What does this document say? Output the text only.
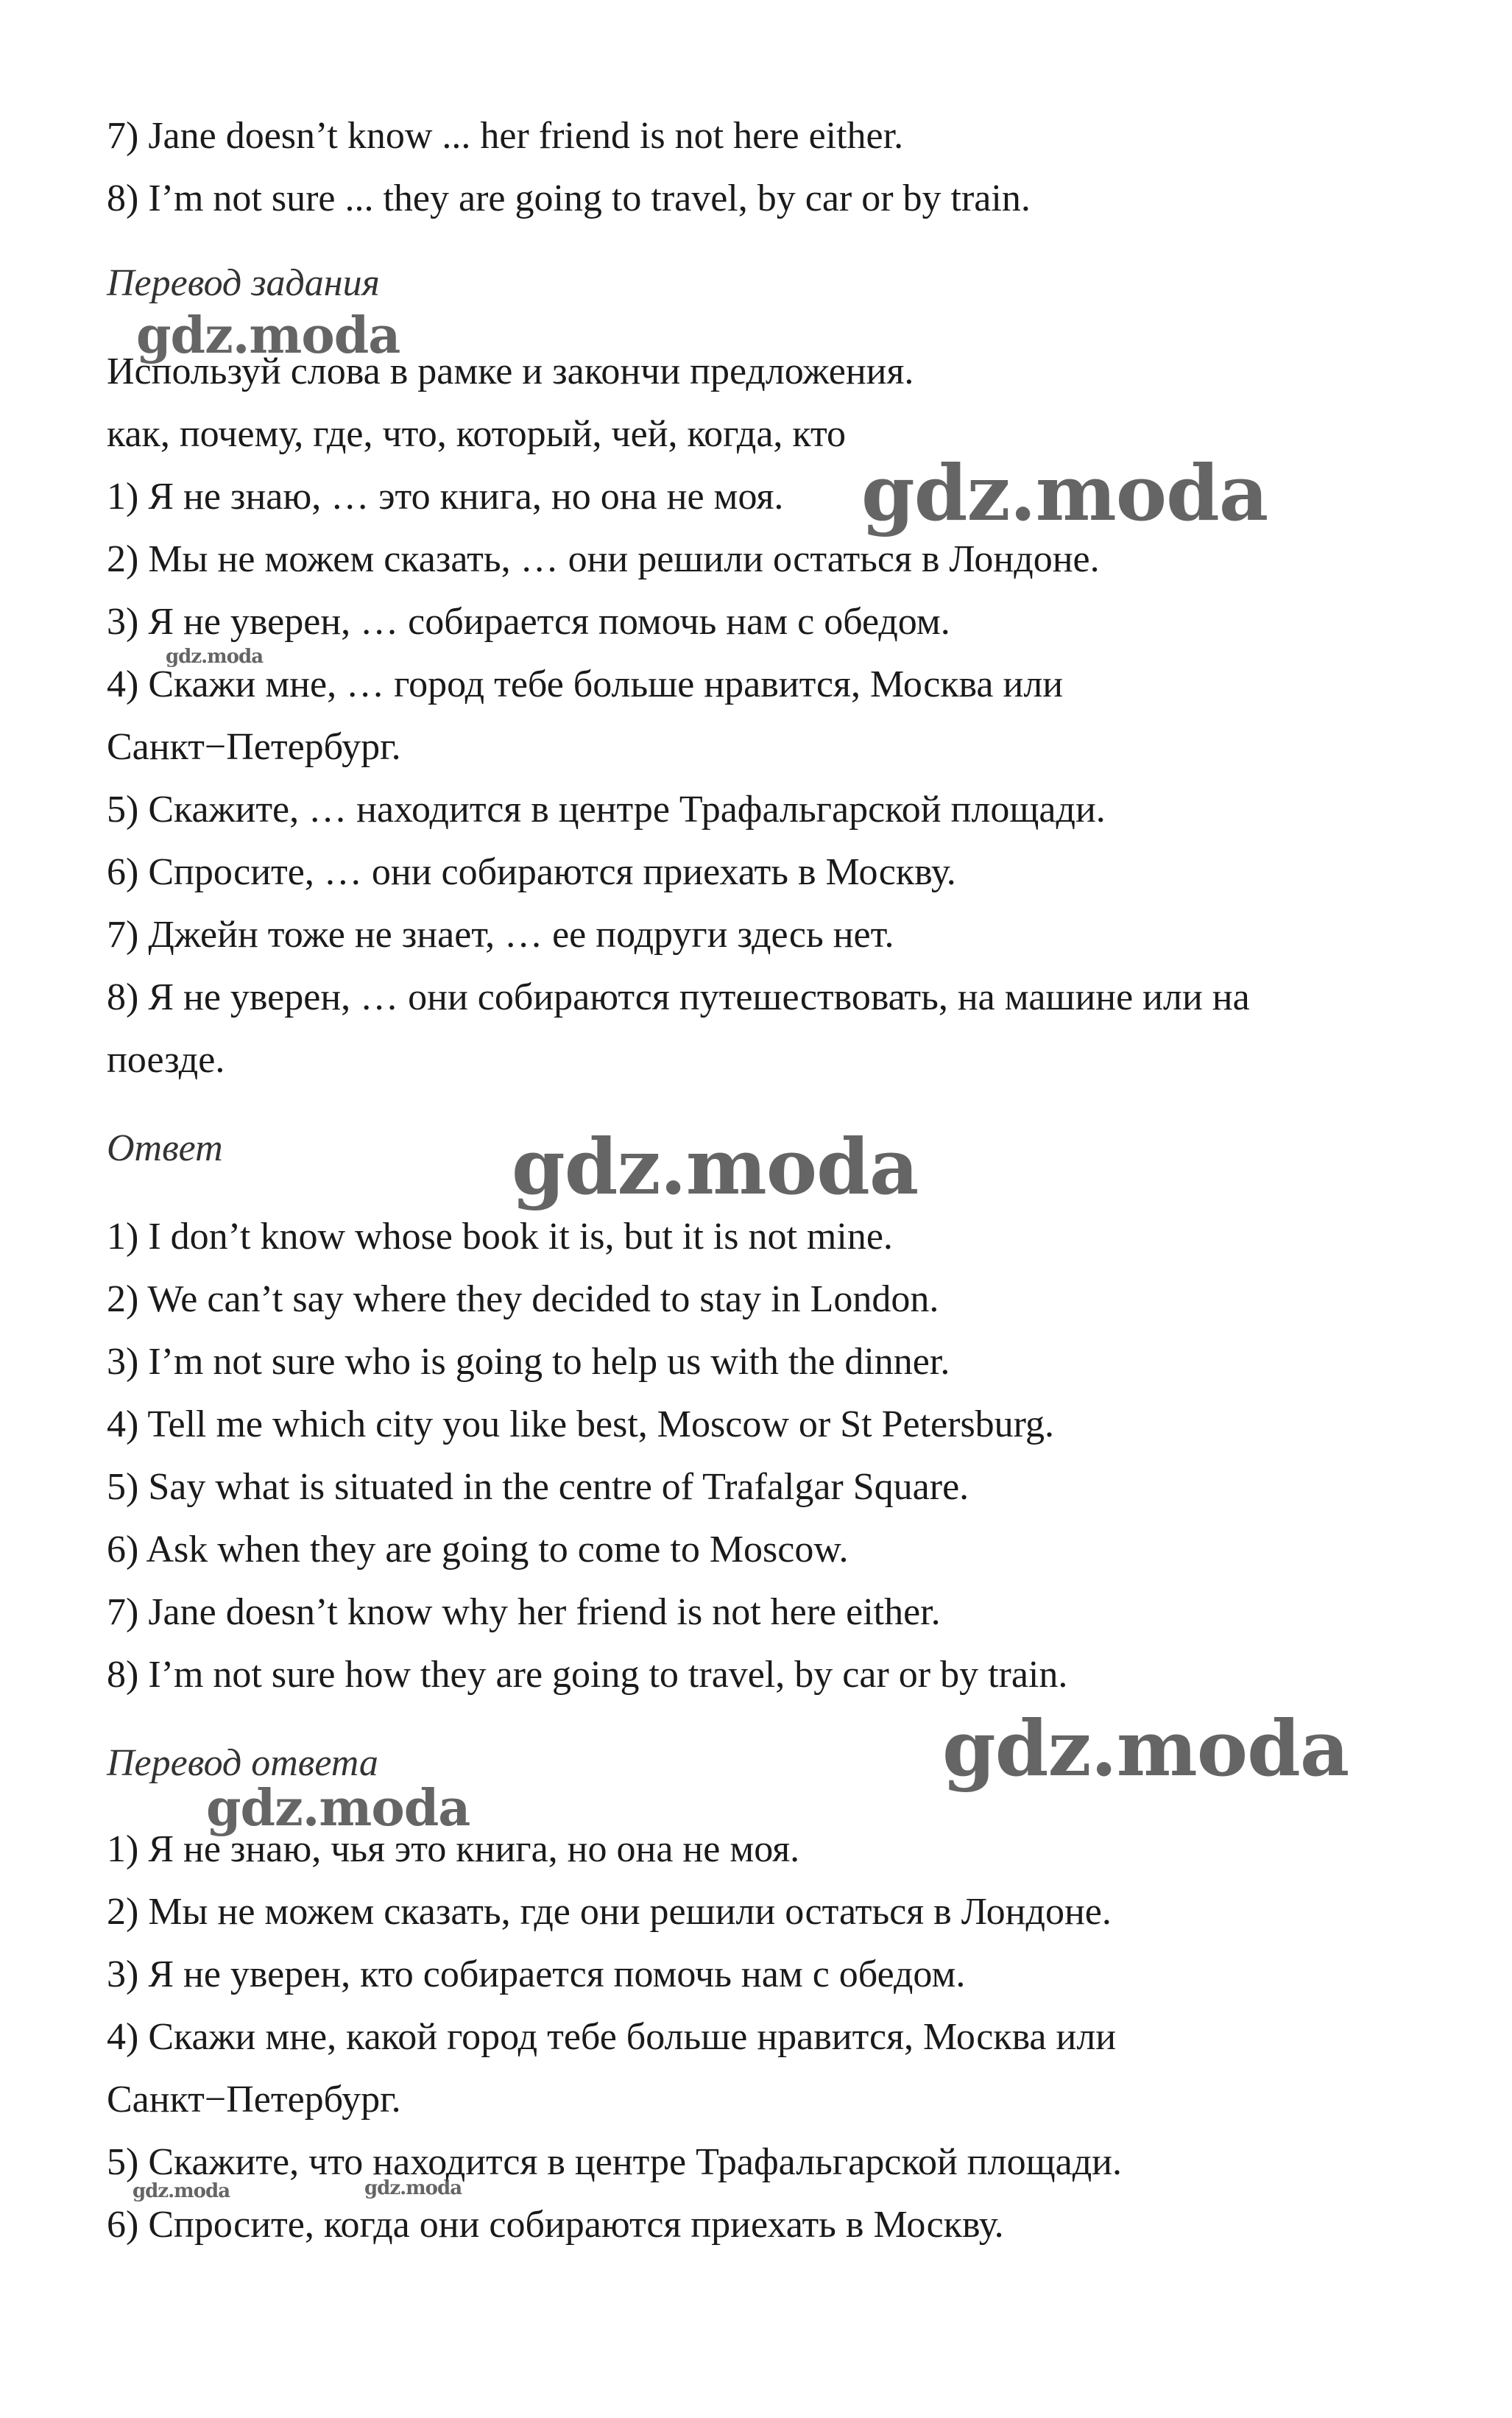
7) Jane doesn’t know ... her friend is not here either.
8) I’m not sure ... they are going to travel, by car or by train.
Перевод задания
Используй слова в рамке и закончи предложения.
как, почему, где, что, который, чей, когда, кто
1) Я не знаю, … это книга, но она не моя.
2) Мы не можем сказать, … они решили остаться в Лондоне.
3) Я не уверен, … собирается помочь нам с обедом.
4) Скажи мне, … город тебе больше нравится, Москва или
Санкт−Петербург.
5) Скажите, … находится в центре Трафальгарской площади.
6) Спросите, … они собираются приехать в Москву.
7) Джейн тоже не знает, … ее подруги здесь нет.
8) Я не уверен, … они собираются путешествовать, на машине или на
поезде.
Ответ
1) I don’t know whose book it is, but it is not mine.
2) We can’t say where they decided to stay in London.
3) I’m not sure who is going to help us with the dinner.
4) Tell me which city you like best, Moscow or St Petersburg.
5) Say what is situated in the centre of Trafalgar Square.
6) Ask when they are going to come to Moscow.
7) Jane doesn’t know why her friend is not here either.
8) I’m not sure how they are going to travel, by car or by train.
Перевод ответа
1) Я не знаю, чья это книга, но она не моя.
2) Мы не можем сказать, где они решили остаться в Лондоне.
3) Я не уверен, кто собирается помочь нам с обедом.
4) Скажи мне, какой город тебе больше нравится, Москва или
Санкт−Петербург.
5) Скажите, что находится в центре Трафальгарской площади.
6) Спросите, когда они собираются приехать в Москву.
gdz.moda
gdz.moda
gdz.moda
gdz.moda
gdz.moda
gdz.moda
gdz.moda	gdz.moda
